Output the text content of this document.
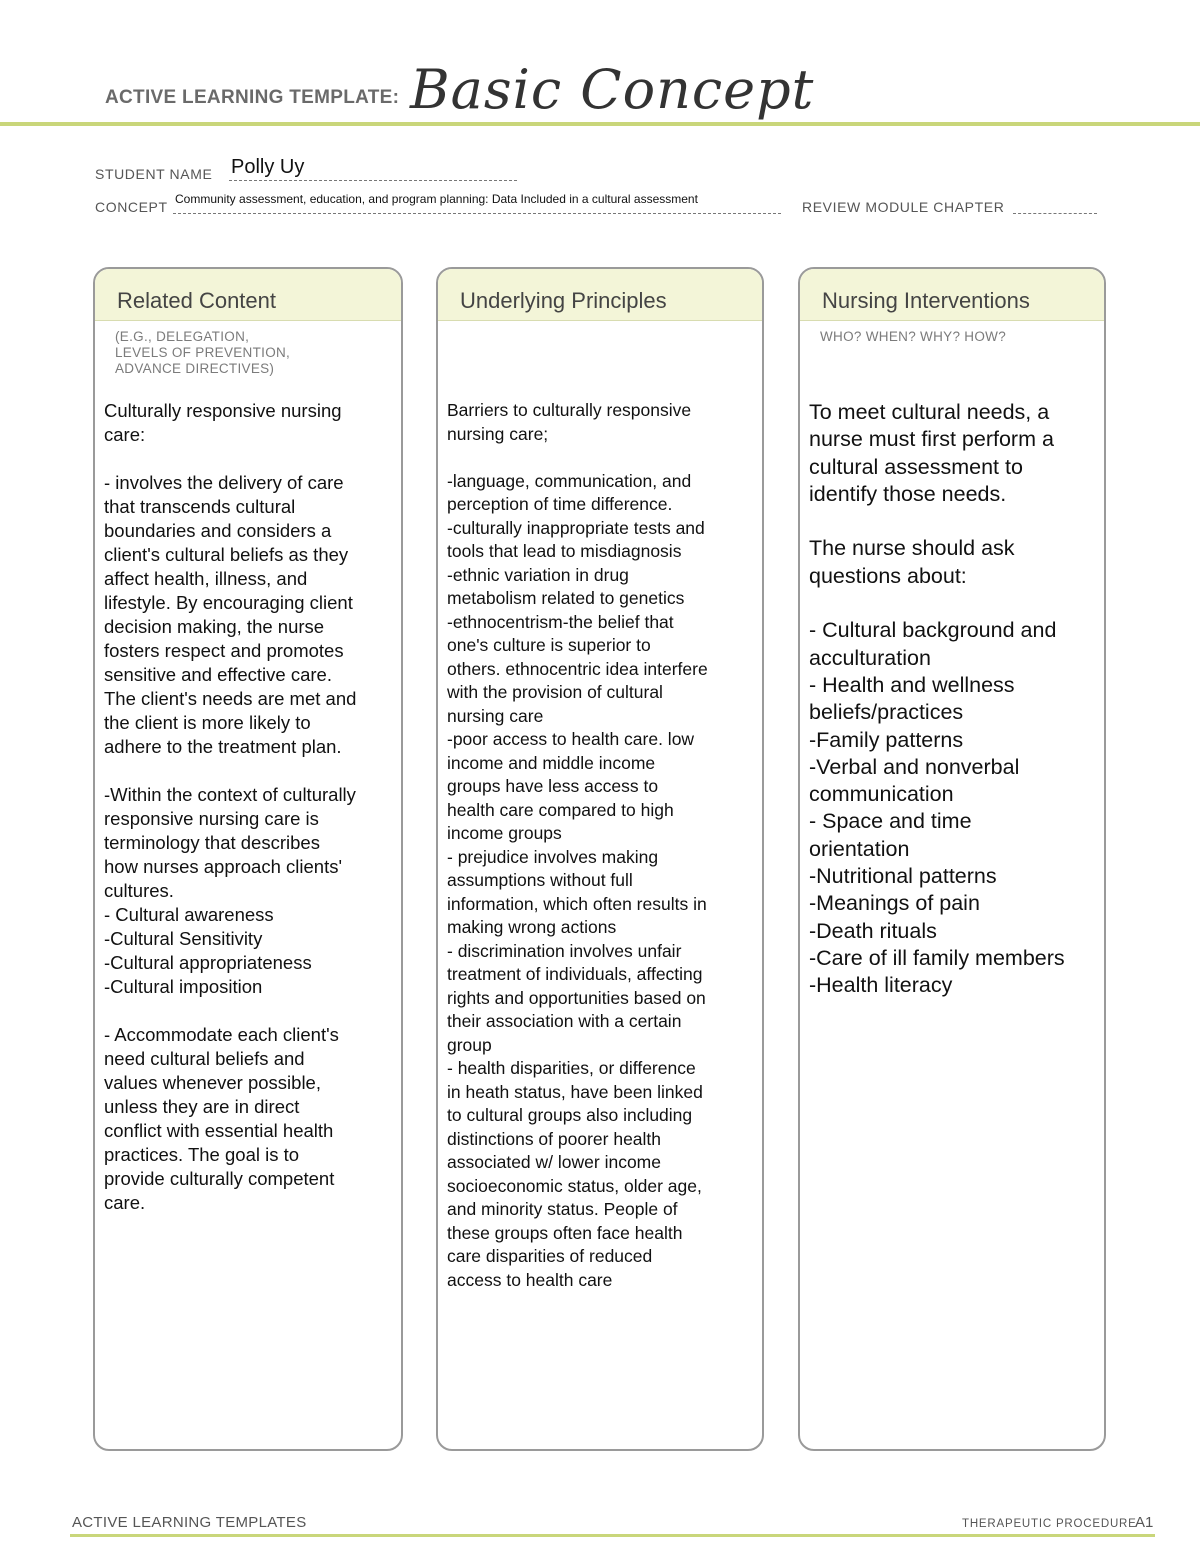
ACTIVE LEARNING TEMPLATE: Basic Concept
STUDENT NAME Polly Uy
CONCEPT Community assessment, education, and program planning: Data Included in a cultural assessment	REVIEW MODULE CHAPTER
Related Content
(E.G., DELEGATION,
LEVELS OF PREVENTION,
ADVANCE DIRECTIVES)
Culturally responsive nursing
care:

- involves the delivery of care
that transcends cultural
boundaries and considers a
client's cultural beliefs as they
affect health, illness, and
lifestyle. By encouraging client
decision making, the nurse
fosters respect and promotes
sensitive and effective care.
The client's needs are met and
the client is more likely to
adhere to the treatment plan.

-Within the context of culturally
responsive nursing care is
terminology that describes
how nurses approach clients'
cultures.
- Cultural awareness
-Cultural Sensitivity
-Cultural appropriateness
-Cultural imposition

- Accommodate each client's
need cultural beliefs and
values whenever possible,
unless they are in direct
conflict with essential health
practices. The goal is to
provide culturally competent
care.
Underlying Principles
Barriers to culturally responsive
nursing care;

-language, communication, and
perception of time difference.
-culturally inappropriate tests and
tools that lead to misdiagnosis
-ethnic variation in drug
metabolism related to genetics
-ethnocentrism-the belief that
one's culture is superior to
others. ethnocentric idea interfere
with the provision of cultural
nursing care
-poor access to health care. low
income and middle income
groups have less access to
health care compared to high
income groups
- prejudice involves making
assumptions without full
information, which often results in
making wrong actions
- discrimination involves unfair
treatment of individuals, affecting
rights and opportunities based on
their association with a certain
group
- health disparities, or difference
in heath status, have been linked
to cultural groups also including
distinctions of poorer health
associated w/ lower income
socioeconomic status, older age,
and minority status. People of
these groups often face health
care disparities of reduced
access to health care
Nursing Interventions
WHO? WHEN? WHY? HOW?
To meet cultural needs, a
nurse must first perform a
cultural assessment to
identify those needs.

The nurse should ask
questions about:

- Cultural background and
acculturation
- Health and wellness
beliefs/practices
-Family patterns
-Verbal and nonverbal
communication
- Space and time
orientation
-Nutritional patterns
-Meanings of pain
-Death rituals
-Care of ill family members
-Health literacy
ACTIVE LEARNING TEMPLATES	THERAPEUTIC PROCEDURE
A1
